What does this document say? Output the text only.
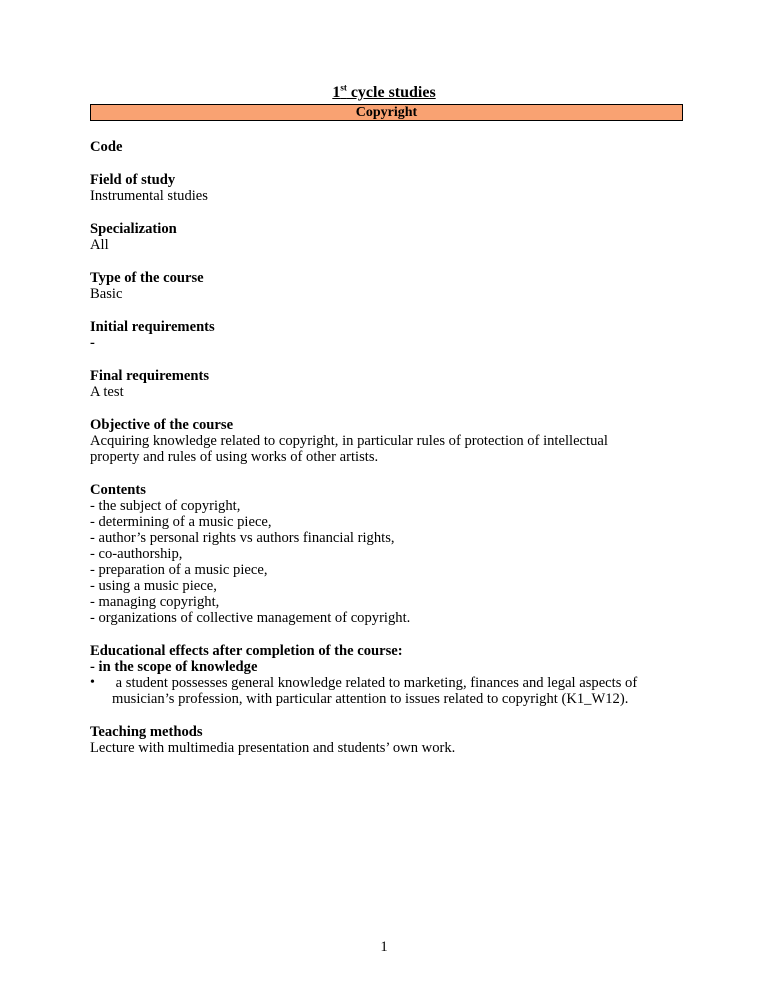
1st cycle studies
Copyright
Code
Field of study
Instrumental studies
Specialization
All
Type of the course
Basic
Initial requirements
-
Final requirements
A test
Objective of the course
Acquiring knowledge related to copyright, in particular rules of protection of intellectual
property and rules of using works of other artists.
Contents
- the subject of copyright,
- determining of a music piece,
- author’s personal rights vs authors financial rights,
- co-authorship,
- preparation of a music piece,
- using a music piece,
- managing copyright,
- organizations of collective management of copyright.
Educational effects after completion of the course:
- in the scope of knowledge
•	a student possesses general knowledge related to marketing, finances and legal aspects of
musician’s profession, with particular attention to issues related to copyright (K1_W12).
Teaching methods
Lecture with multimedia presentation and students’ own work.
1
